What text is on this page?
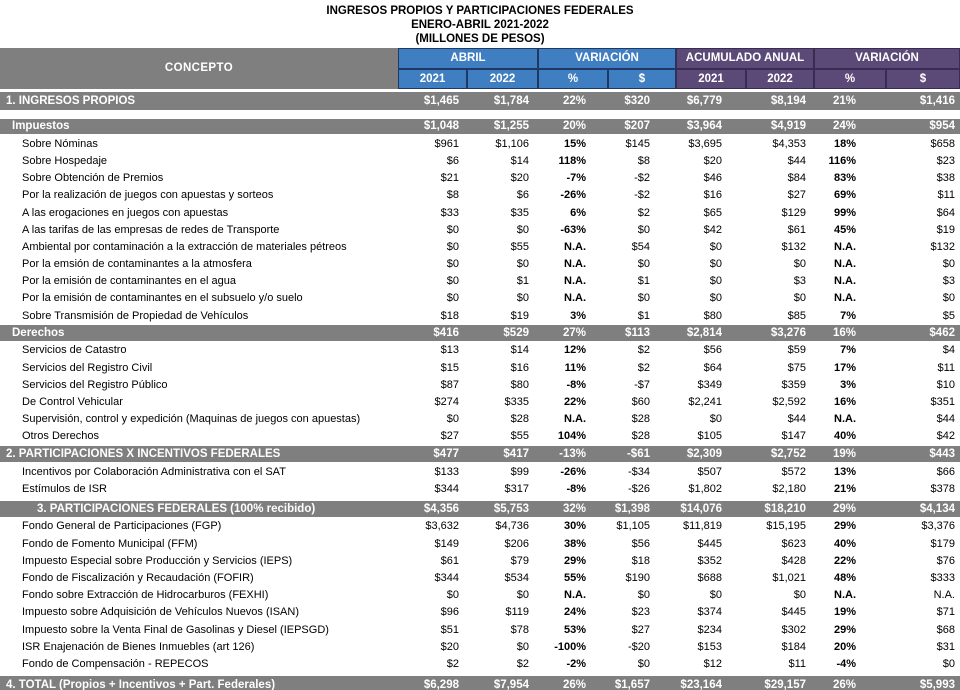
INGRESOS PROPIOS Y PARTICIPACIONES FEDERALES
ENERO-ABRIL 2021-2022
(MILLONES DE PESOS)
CONCEPTO
ABRIL	VARIACIÓN	ACUMULADO ANUAL	VARIACIÓN
2021	2022	%	$	2021	2022	%	$
1. INGRESOS PROPIOS	$1,465	$1,784	22%	$320	$6,779	$8,194	21%	$1,416
Impuestos	$1,048	$1,255	20%	$207	$3,964	$4,919	24%	$954
Sobre Nóminas	$961	$1,106	15%	$145	$3,695	$4,353	18%	$658
Sobre Hospedaje	$6	$14	118%	$8	$20	$44	116%	$23
Sobre Obtención de Premios	$21	$20	-7%	-$2	$46	$84	83%	$38
Por la realización de juegos con apuestas y sorteos	$8	$6	-26%	-$2	$16	$27	69%	$11
A las erogaciones en juegos con apuestas	$33	$35	6%	$2	$65	$129	99%	$64
A las tarifas de las empresas de redes de Transporte	$0	$0	-63%	$0	$42	$61	45%	$19
Ambiental por contaminación a la extracción de materiales pétreos	$0	$55	N.A.	$54	$0	$132	N.A.	$132
Por la emsión de contaminantes a la atmosfera	$0	$0	N.A.	$0	$0	$0	N.A.	$0
Por la emisión de contaminantes en el agua	$0	$1	N.A.	$1	$0	$3	N.A.	$3
Por la emisión de contaminantes en el subsuelo y/o suelo	$0	$0	N.A.	$0	$0	$0	N.A.	$0
Sobre Transmisión de Propiedad de Vehículos	$18	$19	3%	$1	$80	$85	7%	$5
Derechos	$416	$529	27%	$113	$2,814	$3,276	16%	$462
Servicios de Catastro	$13	$14	12%	$2	$56	$59	7%	$4
Servicios del Registro Civil	$15	$16	11%	$2	$64	$75	17%	$11
Servicios del Registro Público	$87	$80	-8%	-$7	$349	$359	3%	$10
De Control Vehicular	$274	$335	22%	$60	$2,241	$2,592	16%	$351
Supervisión, control y expedición (Maquinas de juegos con apuestas)	$0	$28	N.A.	$28	$0	$44	N.A.	$44
Otros Derechos	$27	$55	104%	$28	$105	$147	40%	$42
2. PARTICIPACIONES X INCENTIVOS FEDERALES	$477	$417	-13%	-$61	$2,309	$2,752	19%	$443
Incentivos por Colaboración Administrativa con el SAT	$133	$99	-26%	-$34	$507	$572	13%	$66
Estímulos de ISR	$344	$317	-8%	-$26	$1,802	$2,180	21%	$378
3. PARTICIPACIONES FEDERALES (100% recibido)	$4,356	$5,753	32%	$1,398	$14,076	$18,210	29%	$4,134
Fondo General de Participaciones (FGP)	$3,632	$4,736	30%	$1,105	$11,819	$15,195	29%	$3,376
Fondo de Fomento Municipal (FFM)	$149	$206	38%	$56	$445	$623	40%	$179
Impuesto Especial sobre Producción y Servicios (IEPS)	$61	$79	29%	$18	$352	$428	22%	$76
Fondo de Fiscalización y Recaudación (FOFIR)	$344	$534	55%	$190	$688	$1,021	48%	$333
Fondo sobre Extracción de Hidrocarburos (FEXHI)	$0	$0	N.A.	$0	$0	$0	N.A.	N.A.
Impuesto sobre Adquisición de Vehículos Nuevos (ISAN)	$96	$119	24%	$23	$374	$445	19%	$71
Impuesto sobre la Venta Final de Gasolinas y Diesel (IEPSGD)	$51	$78	53%	$27	$234	$302	29%	$68
ISR Enajenación de Bienes Inmuebles (art 126)	$20	$0	-100%	-$20	$153	$184	20%	$31
Fondo de Compensación - REPECOS	$2	$2	-2%	$0	$12	$11	-4%	$0
4. TOTAL (Propios + Incentivos + Part. Federales)	$6,298	$7,954	26%	$1,657	$23,164	$29,157	26%	$5,993
